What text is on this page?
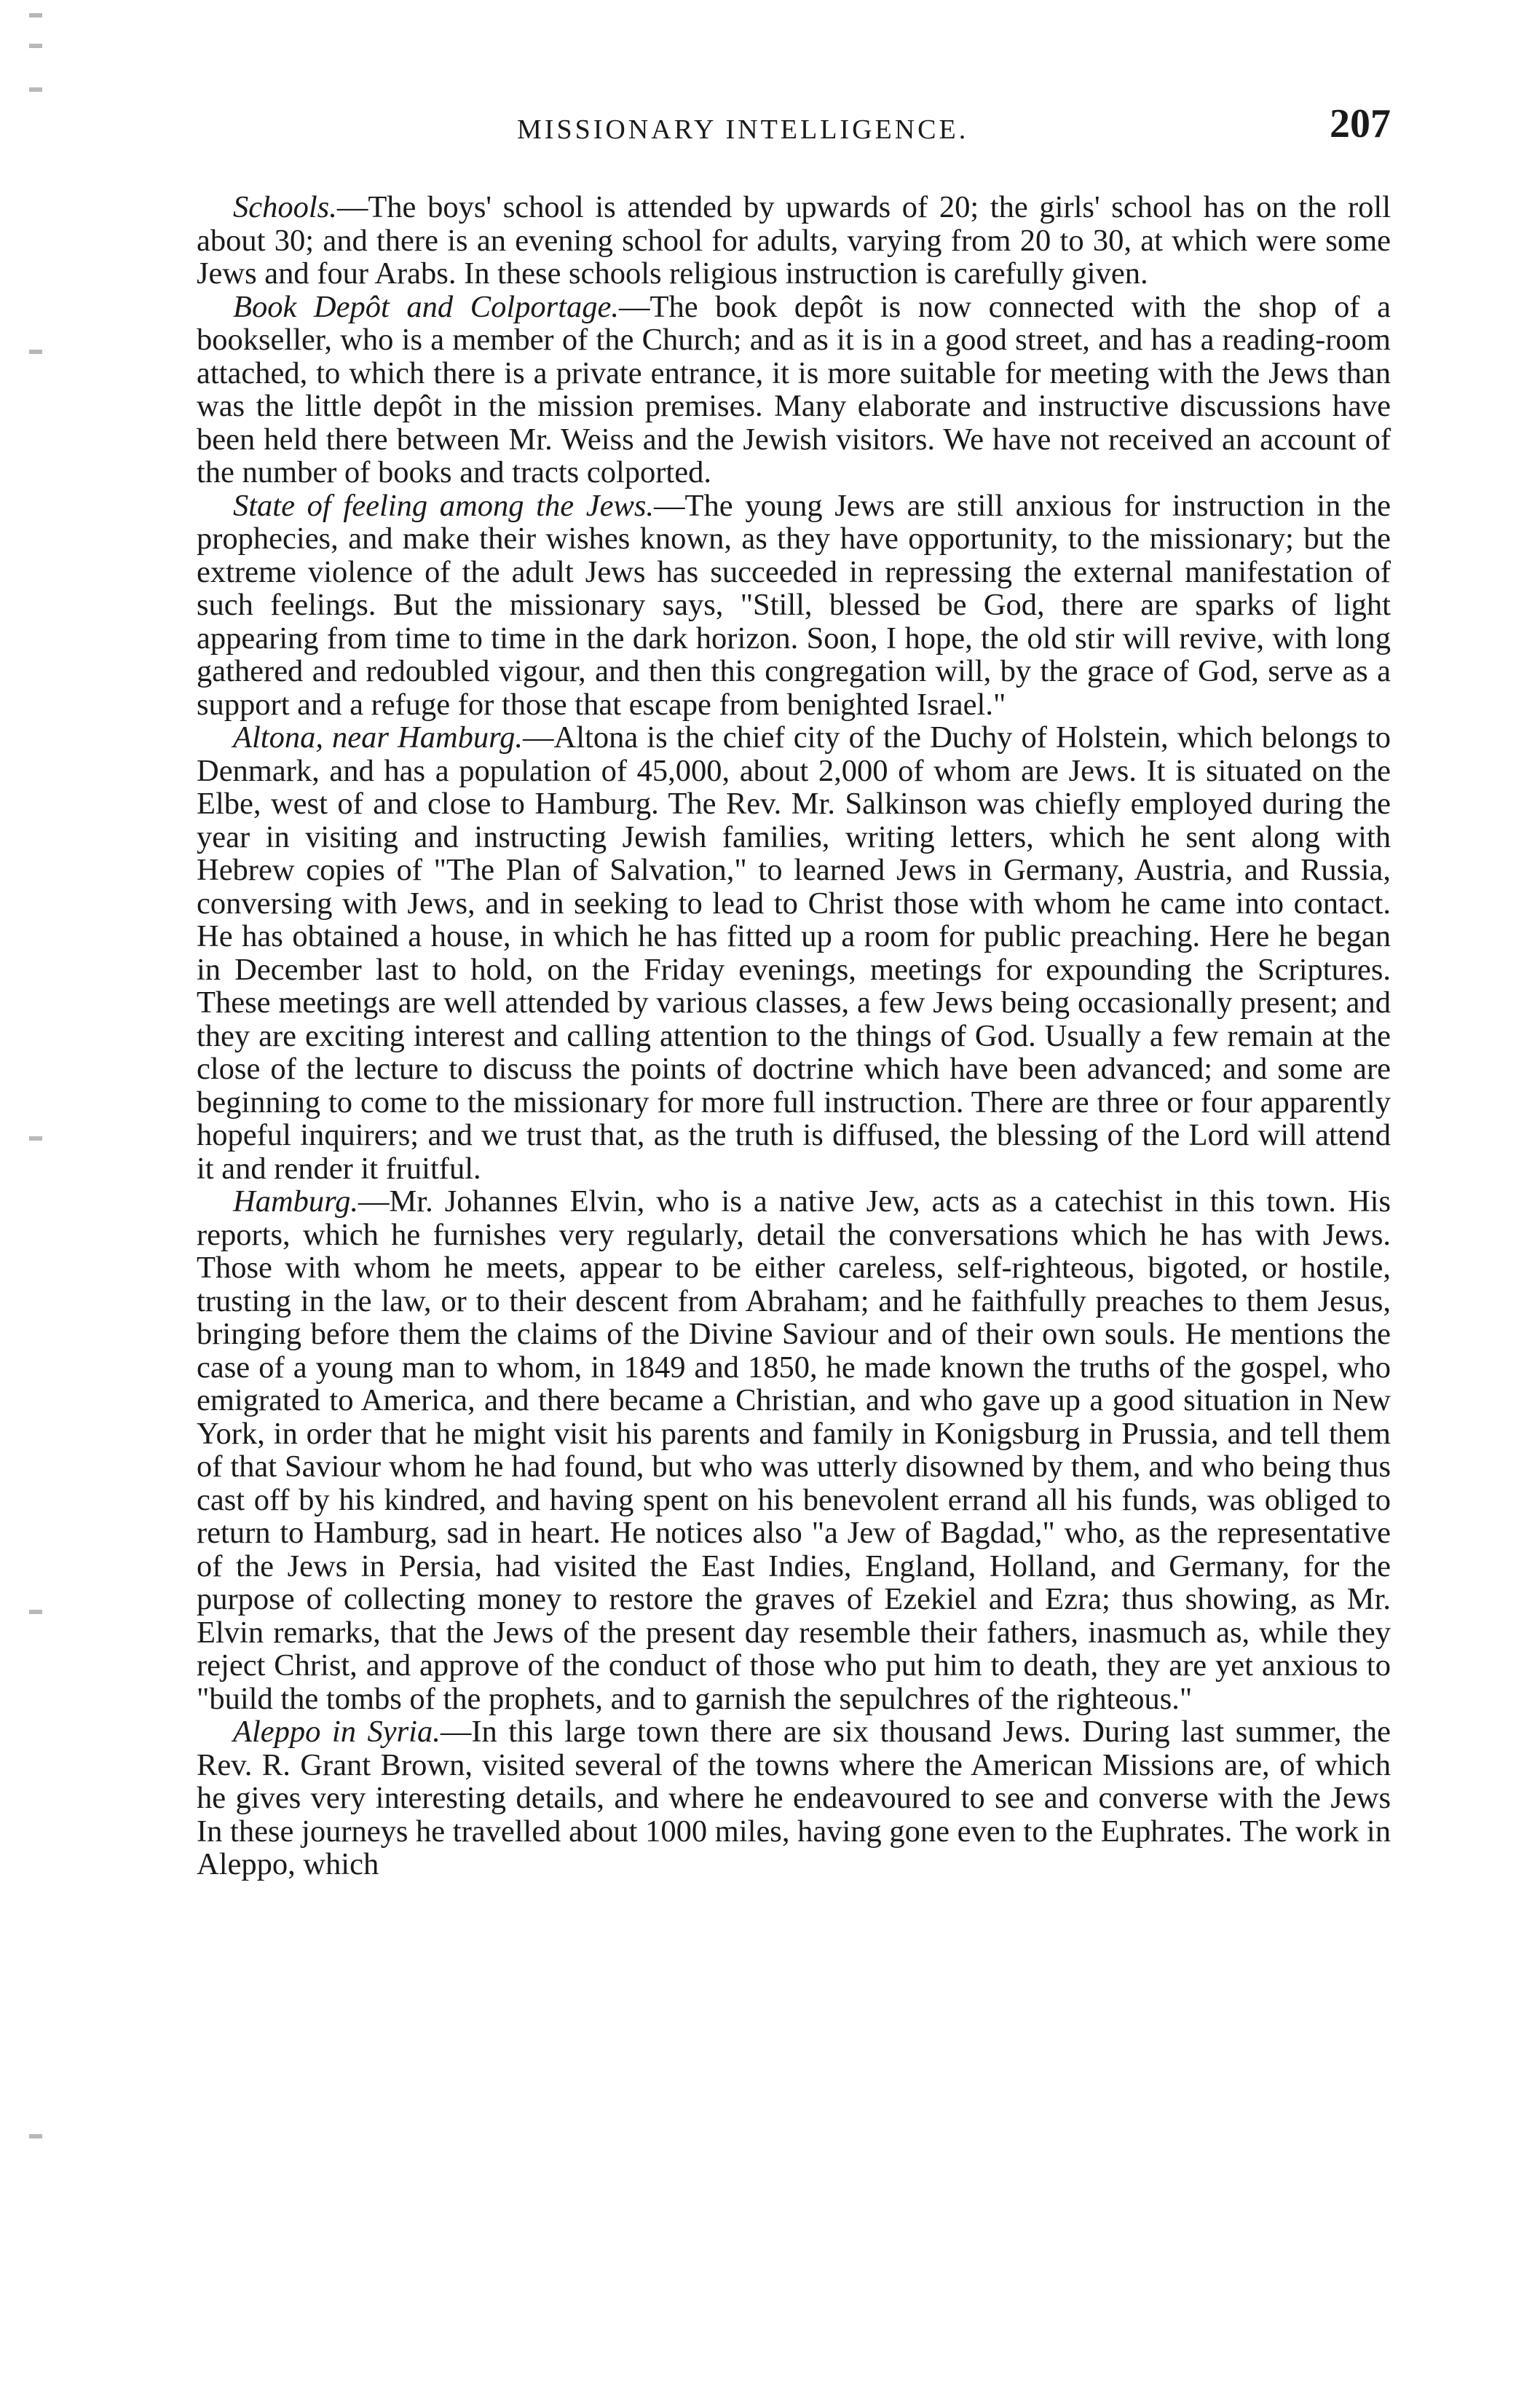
MISSIONARY INTELLIGENCE.	207

Schools.—The boys' school is attended by upwards of 20; the girls' school has on the roll about 30; and there is an evening school for adults, varying from 20 to 30, at which were some Jews and four Arabs. In these schools religious instruction is carefully given.

Book Depôt and Colportage.—The book depôt is now connected with the shop of a bookseller, who is a member of the Church; and as it is in a good street, and has a reading-room attached, to which there is a private entrance, it is more suitable for meeting with the Jews than was the little depôt in the mission premises. Many elaborate and instructive discussions have been held there between Mr. Weiss and the Jewish visitors. We have not received an account of the number of books and tracts colported.

State of feeling among the Jews.—The young Jews are still anxious for instruction in the prophecies, and make their wishes known, as they have opportunity, to the missionary; but the extreme violence of the adult Jews has succeeded in repressing the external manifestation of such feelings. But the missionary says, "Still, blessed be God, there are sparks of light appearing from time to time in the dark horizon. Soon, I hope, the old stir will revive, with long gathered and redoubled vigour, and then this congregation will, by the grace of God, serve as a support and a refuge for those that escape from benighted Israel."

Altona, near Hamburg.—Altona is the chief city of the Duchy of Holstein, which belongs to Denmark, and has a population of 45,000, about 2,000 of whom are Jews. It is situated on the Elbe, west of and close to Hamburg. The Rev. Mr. Salkinson was chiefly employed during the year in visiting and instructing Jewish families, writing letters, which he sent along with Hebrew copies of "The Plan of Salvation," to learned Jews in Germany, Austria, and Russia, conversing with Jews, and in seeking to lead to Christ those with whom he came into contact. He has obtained a house, in which he has fitted up a room for public preaching. Here he began in December last to hold, on the Friday evenings, meetings for expounding the Scriptures. These meetings are well attended by various classes, a few Jews being occasionally present; and they are exciting interest and calling attention to the things of God. Usually a few remain at the close of the lecture to discuss the points of doctrine which have been advanced; and some are beginning to come to the missionary for more full instruction. There are three or four apparently hopeful inquirers; and we trust that, as the truth is diffused, the blessing of the Lord will attend it and render it fruitful.

Hamburg.—Mr. Johannes Elvin, who is a native Jew, acts as a catechist in this town. His reports, which he furnishes very regularly, detail the conversations which he has with Jews. Those with whom he meets, appear to be either careless, self-righteous, bigoted, or hostile, trusting in the law, or to their descent from Abraham; and he faithfully preaches to them Jesus, bringing before them the claims of the Divine Saviour and of their own souls. He mentions the case of a young man to whom, in 1849 and 1850, he made known the truths of the gospel, who emigrated to America, and there became a Christian, and who gave up a good situation in New York, in order that he might visit his parents and family in Konigsburg in Prussia, and tell them of that Saviour whom he had found, but who was utterly disowned by them, and who being thus cast off by his kindred, and having spent on his benevolent errand all his funds, was obliged to return to Hamburg, sad in heart. He notices also "a Jew of Bagdad," who, as the representative of the Jews in Persia, had visited the East Indies, England, Holland, and Germany, for the purpose of collecting money to restore the graves of Ezekiel and Ezra; thus showing, as Mr. Elvin remarks, that the Jews of the present day resemble their fathers, inasmuch as, while they reject Christ, and approve of the conduct of those who put him to death, they are yet anxious to "build the tombs of the prophets, and to garnish the sepulchres of the righteous."

Aleppo in Syria.—In this large town there are six thousand Jews. During last summer, the Rev. R. Grant Brown, visited several of the towns where the American Missions are, of which he gives very interesting details, and where he endeavoured to see and converse with the Jews In these journeys he travelled about 1000 miles, having gone even to the Euphrates. The work in Aleppo, which
